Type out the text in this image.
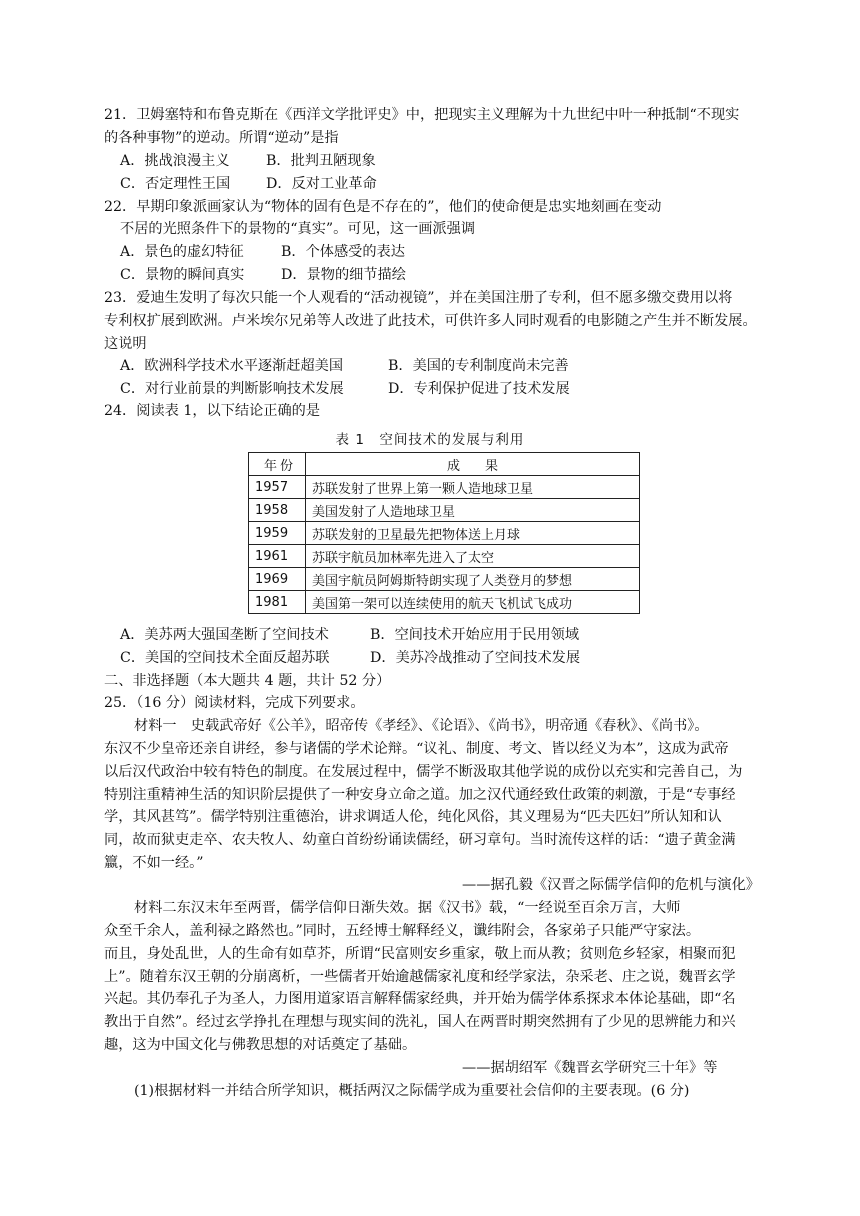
21．卫姆塞特和布鲁克斯在《西洋文学批评史》中，把现实主义理解为十九世纪中叶一种抵制“不现实
的各种事物”的逆动。所谓“逆动”是指
A．挑战浪漫主义	B．批判丑陋现象
C．否定理性王国	D．反对工业革命
22．早期印象派画家认为“物体的固有色是不存在的”，他们的使命便是忠实地刻画在变动
不居的光照条件下的景物的“真实”。可见，这一画派强调
A．景色的虚幻特征	B．个体感受的表达
C．景物的瞬间真实	D．景物的细节描绘
23．爱迪生发明了每次只能一个人观看的“活动视镜”，并在美国注册了专利，但不愿多缴交费用以将
专利权扩展到欧洲。卢米埃尔兄弟等人改进了此技术，可供许多人同时观看的电影随之产生并不断发展。
这说明
A．欧洲科学技术水平逐渐赶超美国	B．美国的专利制度尚未完善
C．对行业前景的判断影响技术发展	D．专利保护促进了技术发展
24．阅读表 1，以下结论正确的是
表 1　空间技术的发展与利用
年份	成　果
1957	苏联发射了世界上第一颗人造地球卫星
1958	美国发射了人造地球卫星
1959	苏联发射的卫星最先把物体送上月球
1961	苏联宇航员加林率先进入了太空
1969	美国宇航员阿姆斯特朗实现了人类登月的梦想
1981	美国第一架可以连续使用的航天飞机试飞成功
A．美苏两大强国垄断了空间技术	B．空间技术开始应用于民用领域
C．美国的空间技术全面反超苏联	D．美苏冷战推动了空间技术发展
二、非选择题（本大题共 4 题，共计 52 分）
25．（16 分）阅读材料，完成下列要求。
材料一　史载武帝好《公羊》，昭帝传《孝经》、《论语》、《尚书》，明帝通《春秋》、《尚书》。
东汉不少皇帝还亲自讲经，参与诸儒的学术论辩。“议礼、制度、考文、皆以经义为本”，这成为武帝
以后汉代政治中较有特色的制度。在发展过程中，儒学不断汲取其他学说的成份以充实和完善自己，为
特别注重精神生活的知识阶层提供了一种安身立命之道。加之汉代通经致仕政策的刺激，于是“专事经
学，其风甚笃”。儒学特别注重德治，讲求调适人伦，纯化风俗，其义理易为“匹夫匹妇”所认知和认
同，故而狱吏走卒、农夫牧人、幼童白首纷纷诵读儒经，研习章句。当时流传这样的话：“遗子黄金满
籝，不如一经。”
——据孔毅《汉晋之际儒学信仰的危机与演化》
材料二东汉末年至两晋，儒学信仰日渐失效。据《汉书》载，“一经说至百余万言，大师
众至千余人，盖利禄之路然也。”同时，五经博士解释经义，谶纬附会，各家弟子只能严守家法。
而且，身处乱世，人的生命有如草芥，所谓“民富则安乡重家，敬上而从教；贫则危乡轻家，相聚而犯
上”。随着东汉王朝的分崩离析，一些儒者开始逾越儒家礼度和经学家法，杂采老、庄之说，魏晋玄学
兴起。其仍奉孔子为圣人，力图用道家语言解释儒家经典，并开始为儒学体系探求本体论基础，即“名
教出于自然”。经过玄学挣扎在理想与现实间的洗礼，国人在两晋时期突然拥有了少见的思辨能力和兴
趣，这为中国文化与佛教思想的对话奠定了基础。
——据胡绍军《魏晋玄学研究三十年》等
(1)根据材料一并结合所学知识，概括两汉之际儒学成为重要社会信仰的主要表现。(6 分)
